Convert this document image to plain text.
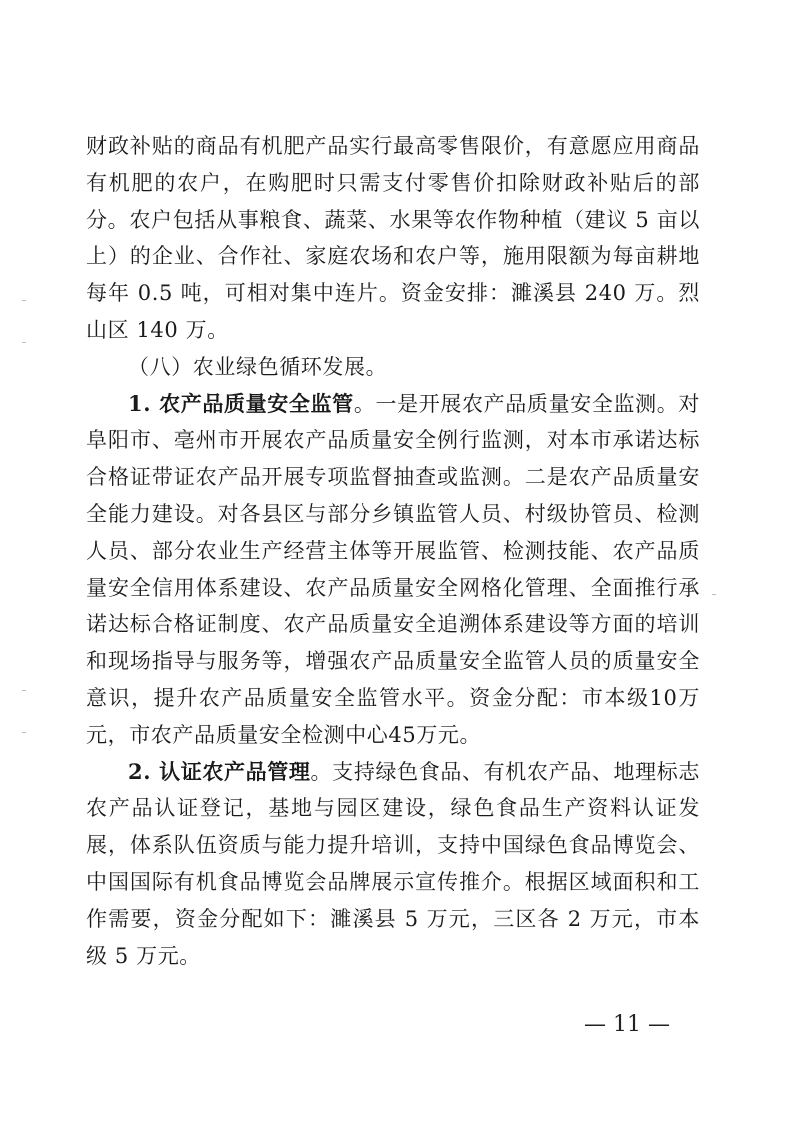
财政补贴的商品有机肥产品实行最高零售限价，有意愿应用商品有机肥的农户，在购肥时只需支付零售价扣除财政补贴后的部分。农户包括从事粮食、蔬菜、水果等农作物种植（建议 5 亩以上）的企业、合作社、家庭农场和农户等，施用限额为每亩耕地每年 0.5 吨，可相对集中连片。资金安排：濉溪县 240 万。烈山区 140 万。

（八）农业绿色循环发展。

1. 农产品质量安全监管。一是开展农产品质量安全监测。对阜阳市、亳州市开展农产品质量安全例行监测，对本市承诺达标合格证带证农产品开展专项监督抽查或监测。二是农产品质量安全能力建设。对各县区与部分乡镇监管人员、村级协管员、检测人员、部分农业生产经营主体等开展监管、检测技能、农产品质量安全信用体系建设、农产品质量安全网格化管理、全面推行承诺达标合格证制度、农产品质量安全追溯体系建设等方面的培训和现场指导与服务等，增强农产品质量安全监管人员的质量安全意识，提升农产品质量安全监管水平。资金分配：市本级10万元，市农产品质量安全检测中心45万元。

2. 认证农产品管理。支持绿色食品、有机农产品、地理标志农产品认证登记，基地与园区建设，绿色食品生产资料认证发展，体系队伍资质与能力提升培训，支持中国绿色食品博览会、中国国际有机食品博览会品牌展示宣传推介。根据区域面积和工作需要，资金分配如下：濉溪县 5 万元，三区各 2 万元，市本级 5 万元。

— 11 —
